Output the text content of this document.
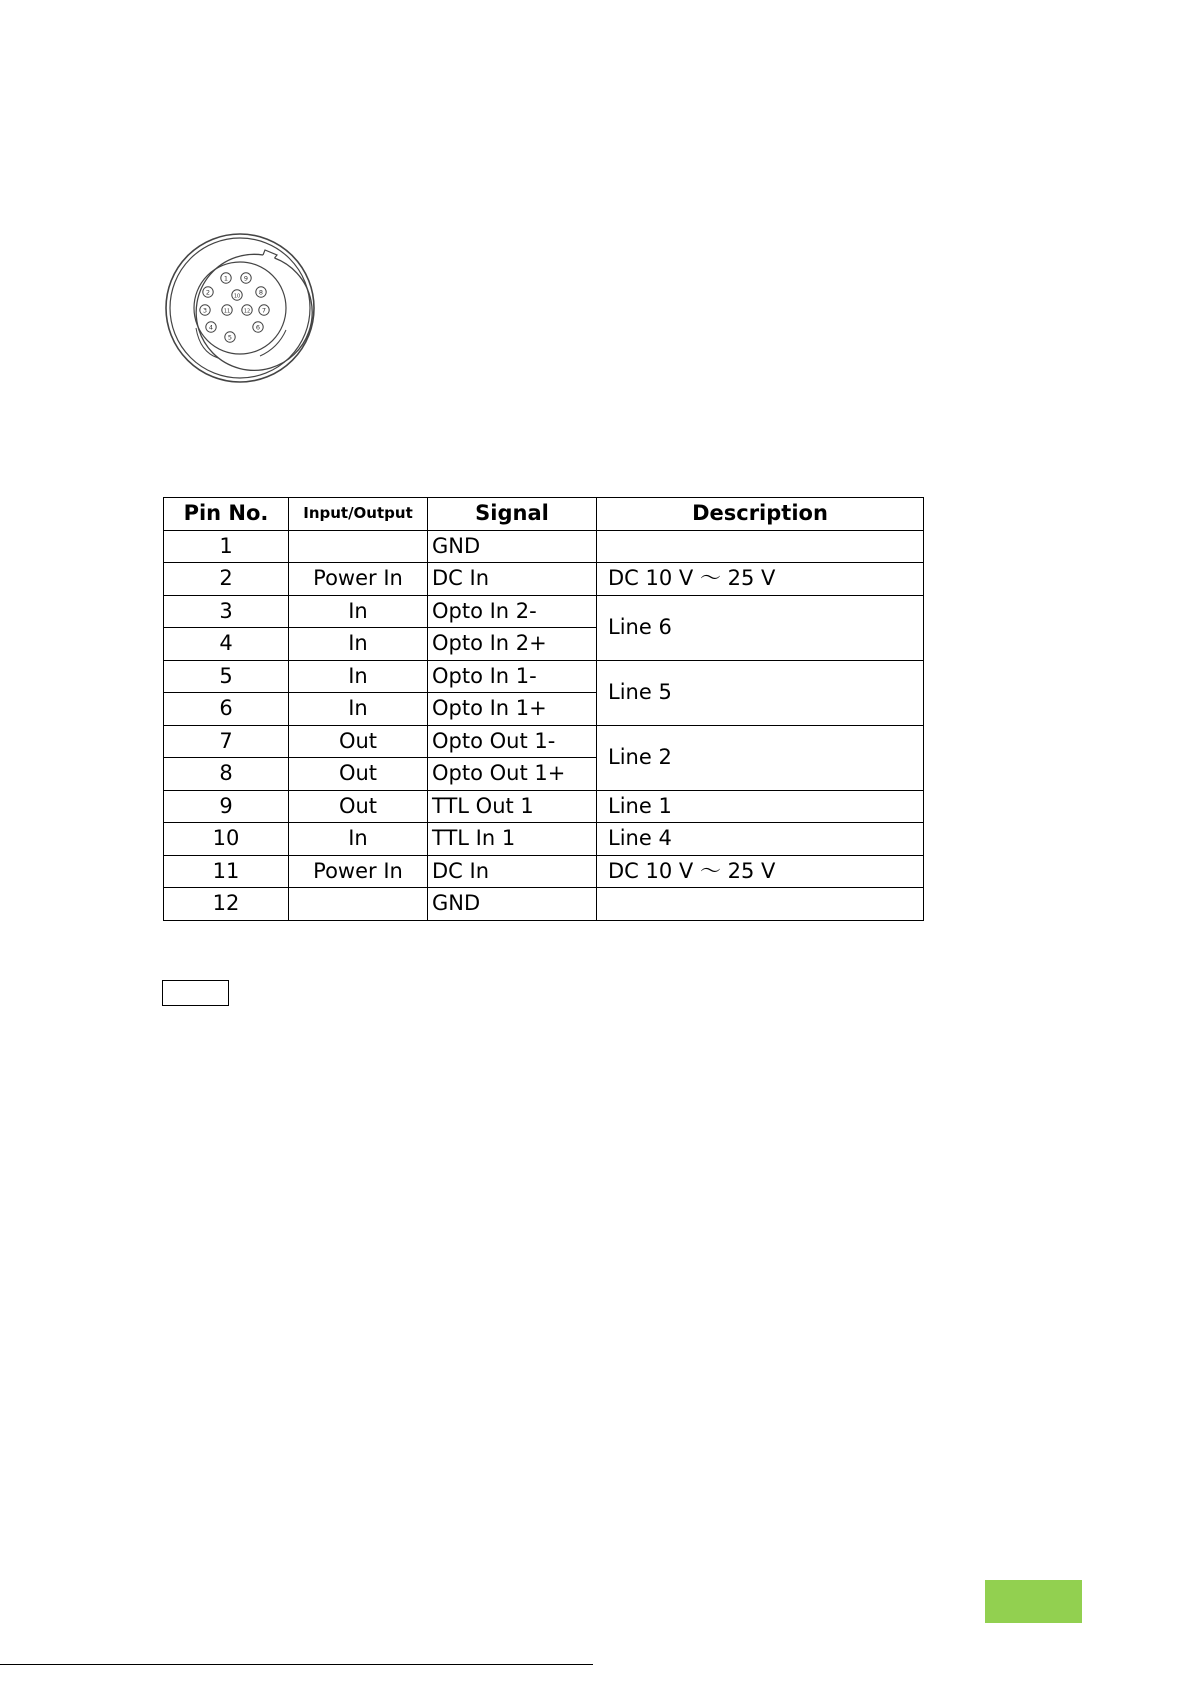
1
2
3
4
5
6
7
8
9
10
11	12
Pin No.	Input/Output	Signal	Description
1		GND	
2	Power In	DC In	DC 10 V ～ 25 V
3	In	Opto In 2-	Line 6
4	In	Opto In 2+	
5	In	Opto In 1-	Line 5
6	In	Opto In 1+	
7	Out	Opto Out 1-	Line 2
8	Out	Opto Out 1+	
9	Out	TTL Out 1	Line 1
10	In	TTL In 1	Line 4
11	Power In	DC In	DC 10 V ～ 25 V
12		GND	
